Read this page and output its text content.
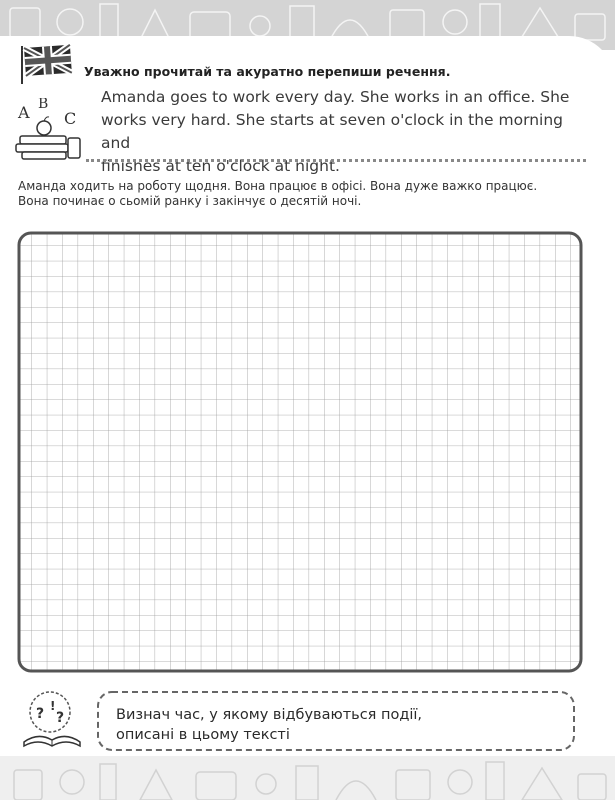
Уважно прочитай та акуратно перепиши речення.
A B
C
Amanda goes to work every day. She works in an office. She
works very hard. She starts at seven o'clock in the morning and
finishes at ten o'clock at night.
Аманда ходить на роботу щодня. Вона працює в офісі. Вона дуже важко працює.
Вона починає о сьомій ранку і закінчує о десятій ночі.
? !
?	Визнач час, у якому відбуваються події,
описані в цьому тексті
